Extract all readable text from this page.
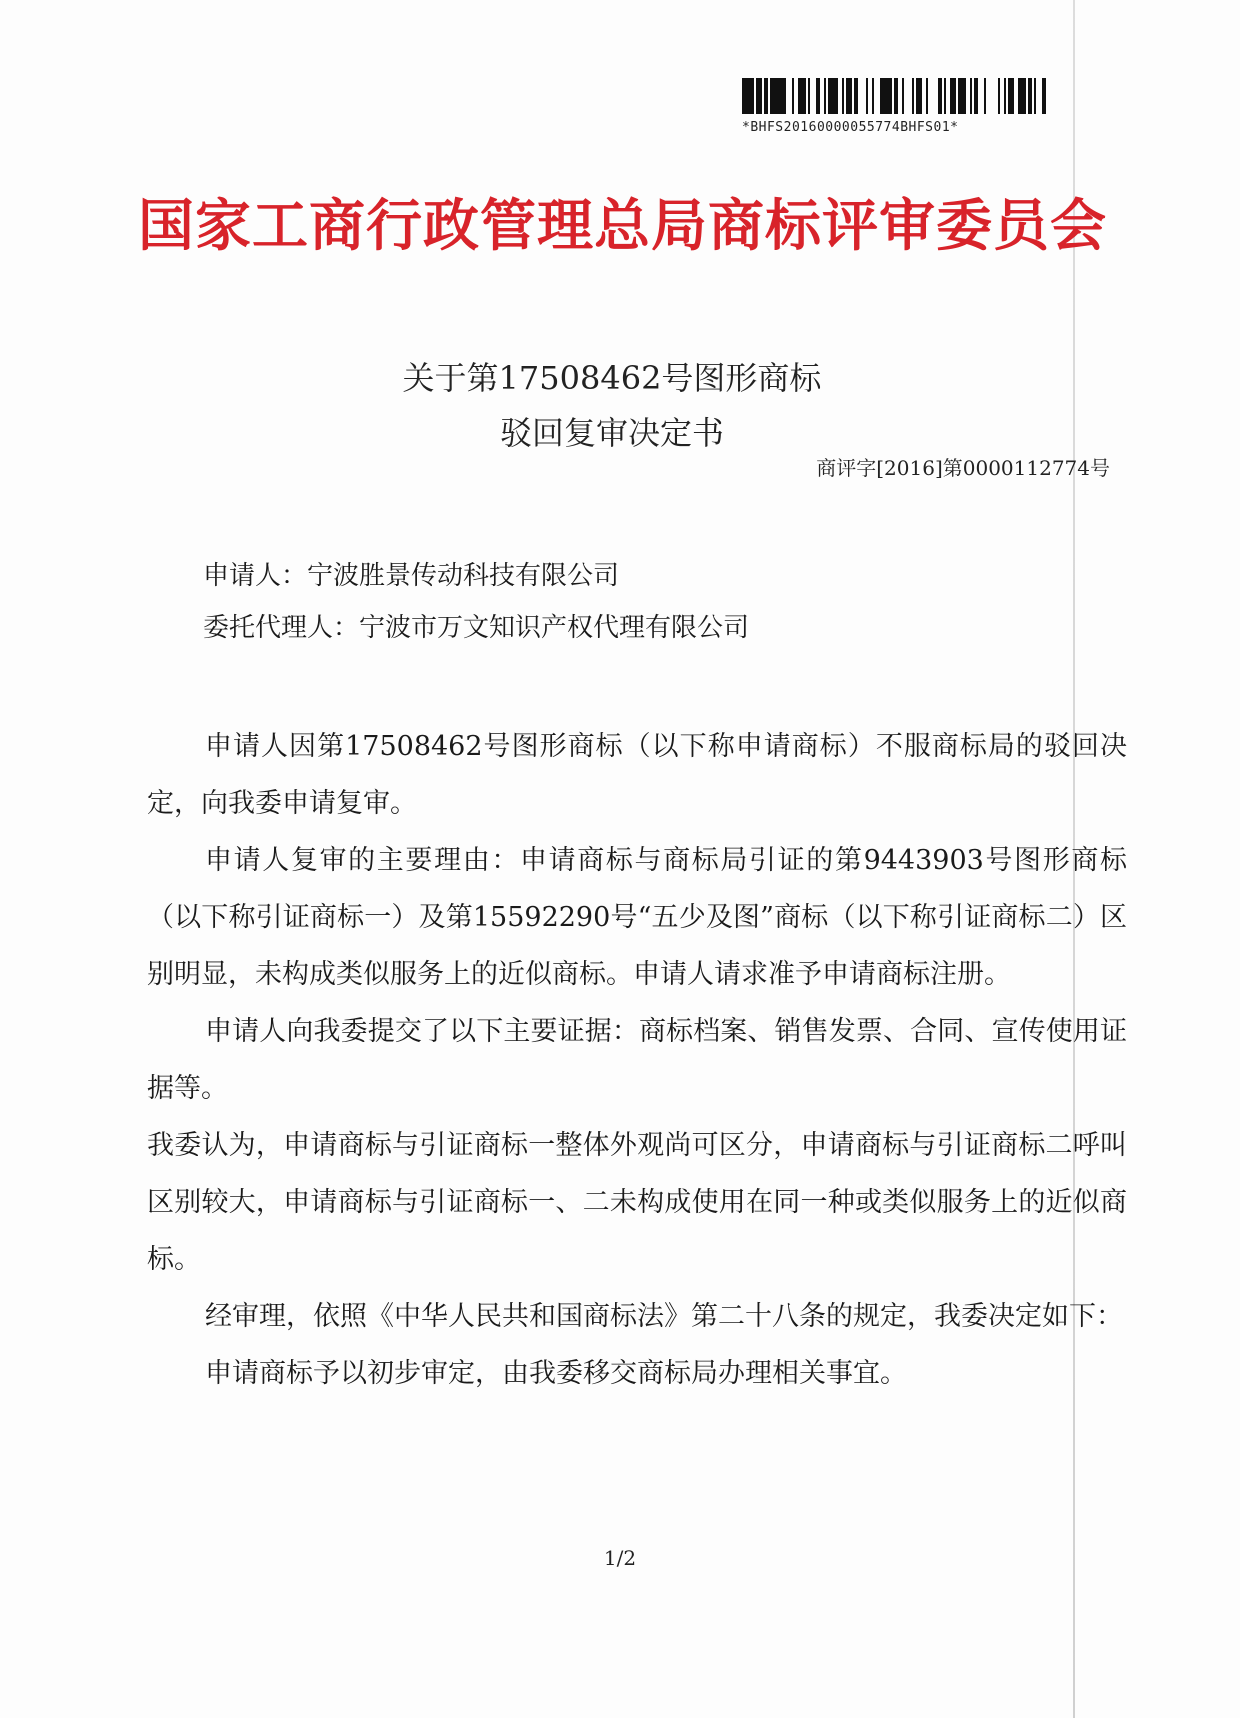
*BHFS20160000055774BHFS01*
国家工商行政管理总局商标评审委员会
关于第17508462号图形商标
驳回复审决定书
商评字[2016]第0000112774号
申请人：宁波胜景传动科技有限公司
委托代理人：宁波市万文知识产权代理有限公司

申请人因第17508462号图形商标（以下称申请商标）不服商标局的驳回决定，向我委申请复审。

申请人复审的主要理由：申请商标与商标局引证的第9443903号图形商标（以下称引证商标一）及第15592290号“五少及图”商标（以下称引证商标二）区别明显，未构成类似服务上的近似商标。申请人请求准予申请商标注册。

申请人向我委提交了以下主要证据：商标档案、销售发票、合同、宣传使用证据等。

我委认为，申请商标与引证商标一整体外观尚可区分，申请商标与引证商标二呼叫区别较大，申请商标与引证商标一、二未构成使用在同一种或类似服务上的近似商标。

经审理，依照《中华人民共和国商标法》第二十八条的规定，我委决定如下：

申请商标予以初步审定，由我委移交商标局办理相关事宜。

1/2
